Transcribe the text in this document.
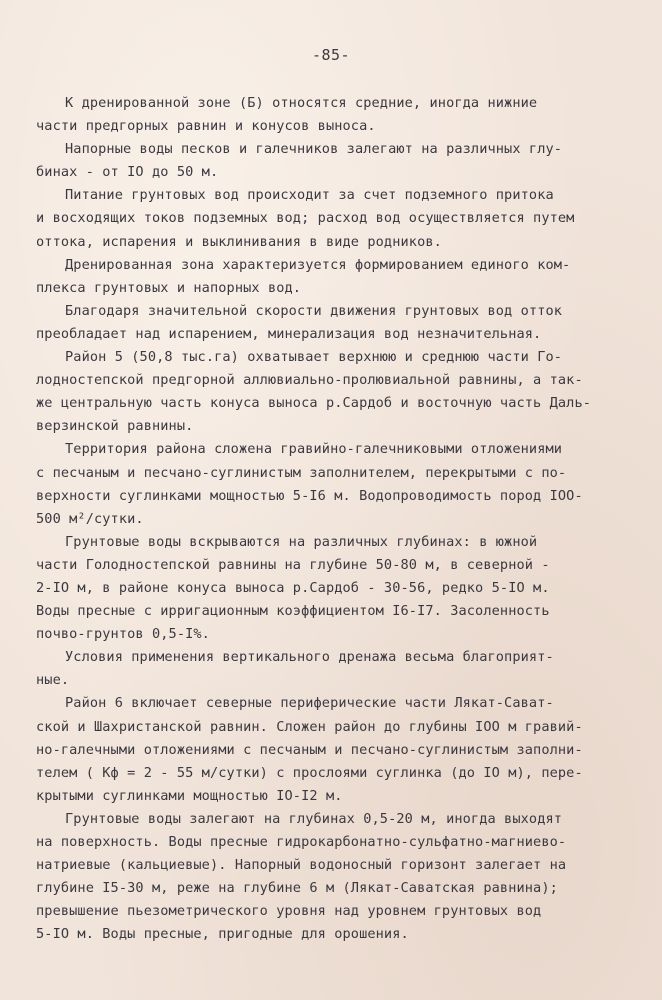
-85-
К дренированной зоне (Б) относятся средние, иногда нижние
части предгорных равнин и конусов выноса.
Напорные воды песков и галечников залегают на различных глу-
бинах - от IO до 50 м.
Питание грунтовых вод происходит за счет подземного притока
и восходящих токов подземных вод; расход вод осуществляется путем
оттока, испарения и выклинивания в виде родников.
Дренированная зона характеризуется формированием единого ком-
плекса грунтовых и напорных вод.
Благодаря значительной скорости движения грунтовых вод отток
преобладает над испарением, минерализация вод незначительная.
Район 5 (50,8 тыс.га) охватывает верхнюю и среднюю части Го-
лодностепской предгорной аллювиально-пролювиальной равнины, а так-
же центральную часть конуса выноса р.Сардоб и восточную часть Даль-
верзинской равнины.
Территория района сложена гравийно-галечниковыми отложениями
с песчаным и песчано-суглинистым заполнителем, перекрытыми с по-
верхности суглинками мощностью 5-I6 м. Водопроводимость пород IOO-
500 м²/сутки.
Грунтовые воды вскрываются на различных глубинах: в южной
части Голодностепской равнины на глубине 50-80 м, в северной -
2-IO м, в районе конуса выноса р.Сардоб - 30-56, редко 5-IO м.
Воды пресные с ирригационным коэффициентом I6-I7. Засоленность
почво-грунтов 0,5-I%.
Условия применения вертикального дренажа весьма благоприят-
ные.
Район 6 включает северные периферические части Лякат-Сават-
ской и Шахристанской равнин. Сложен район до глубины IOO м гравий-
но-галечными отложениями с песчаным и песчано-суглинистым заполни-
телем ( Кф = 2 - 55 м/сутки) с прослоями суглинка (до IO м), пере-
крытыми суглинками мощностью IO-I2 м.
Грунтовые воды залегают на глубинах 0,5-20 м, иногда выходят
на поверхность. Воды пресные гидрокарбонатно-сульфатно-магниево-
натриевые (кальциевые). Напорный водоносный горизонт залегает на
глубине I5-30 м, реже на глубине 6 м (Лякат-Саватская равнина);
превышение пьезометрического уровня над уровнем грунтовых вод
5-IO м. Воды пресные, пригодные для орошения.
